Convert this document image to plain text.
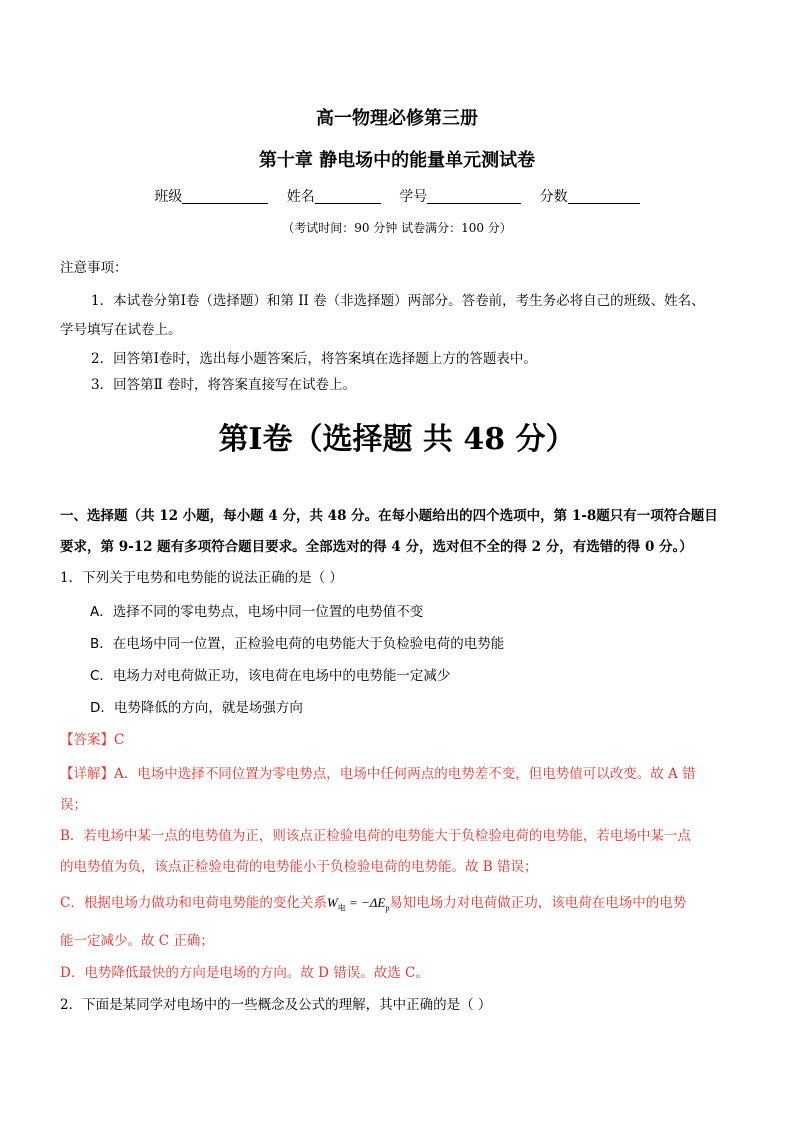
高一物理必修第三册
第十章 静电场中的能量单元测试卷
班级	姓名	学号	分数
（考试时间：90 分钟 试卷满分：100 分）
注意事项：
1．本试卷分第Ⅰ卷（选择题）和第 II 卷（非选择题）两部分。答卷前，考生务必将自己的班级、姓名、
学号填写在试卷上。
2．回答第Ⅰ卷时，选出每小题答案后，将答案填在选择题上方的答题表中。
3．回答第Ⅱ 卷时，将答案直接写在试卷上。
第Ⅰ卷（选择题 共 48 分）
一、选择题（共 12 小题，每小题 4 分，共 48 分。在每小题给出的四个选项中，第 1-8题只有一项符合题目
要求，第 9-12 题有多项符合题目要求。全部选对的得 4 分，选对但不全的得 2 分，有选错的得 0 分。）
1．下列关于电势和电势能的说法正确的是（ ）
A．选择不同的零电势点，电场中同一位置的电势值不变
B．在电场中同一位置，正检验电荷的电势能大于负检验电荷的电势能
C．电场力对电荷做正功，该电荷在电场中的电势能一定减少
D．电势降低的方向，就是场强方向
【答案】C
【详解】A．电场中选择不同位置为零电势点，电场中任何两点的电势差不变，但电势值可以改变。故 A 错
误；
B．若电场中某一点的电势值为正，则该点正检验电荷的电势能大于负检验电荷的电势能，若电场中某一点
的电势值为负，该点正检验电荷的电势能小于负检验电荷的电势能。故 B 错误；
C．根据电场力做功和电荷电势能的变化关系$W_电 = -\Delta E_p$易知电场力对电荷做正功，该电荷在电场中的电势
能一定减少。故 C 正确；
D．电势降低最快的方向是电场的方向。故 D 错误。故选 C。
2．下面是某同学对电场中的一些概念及公式的理解，其中正确的是（ ）
